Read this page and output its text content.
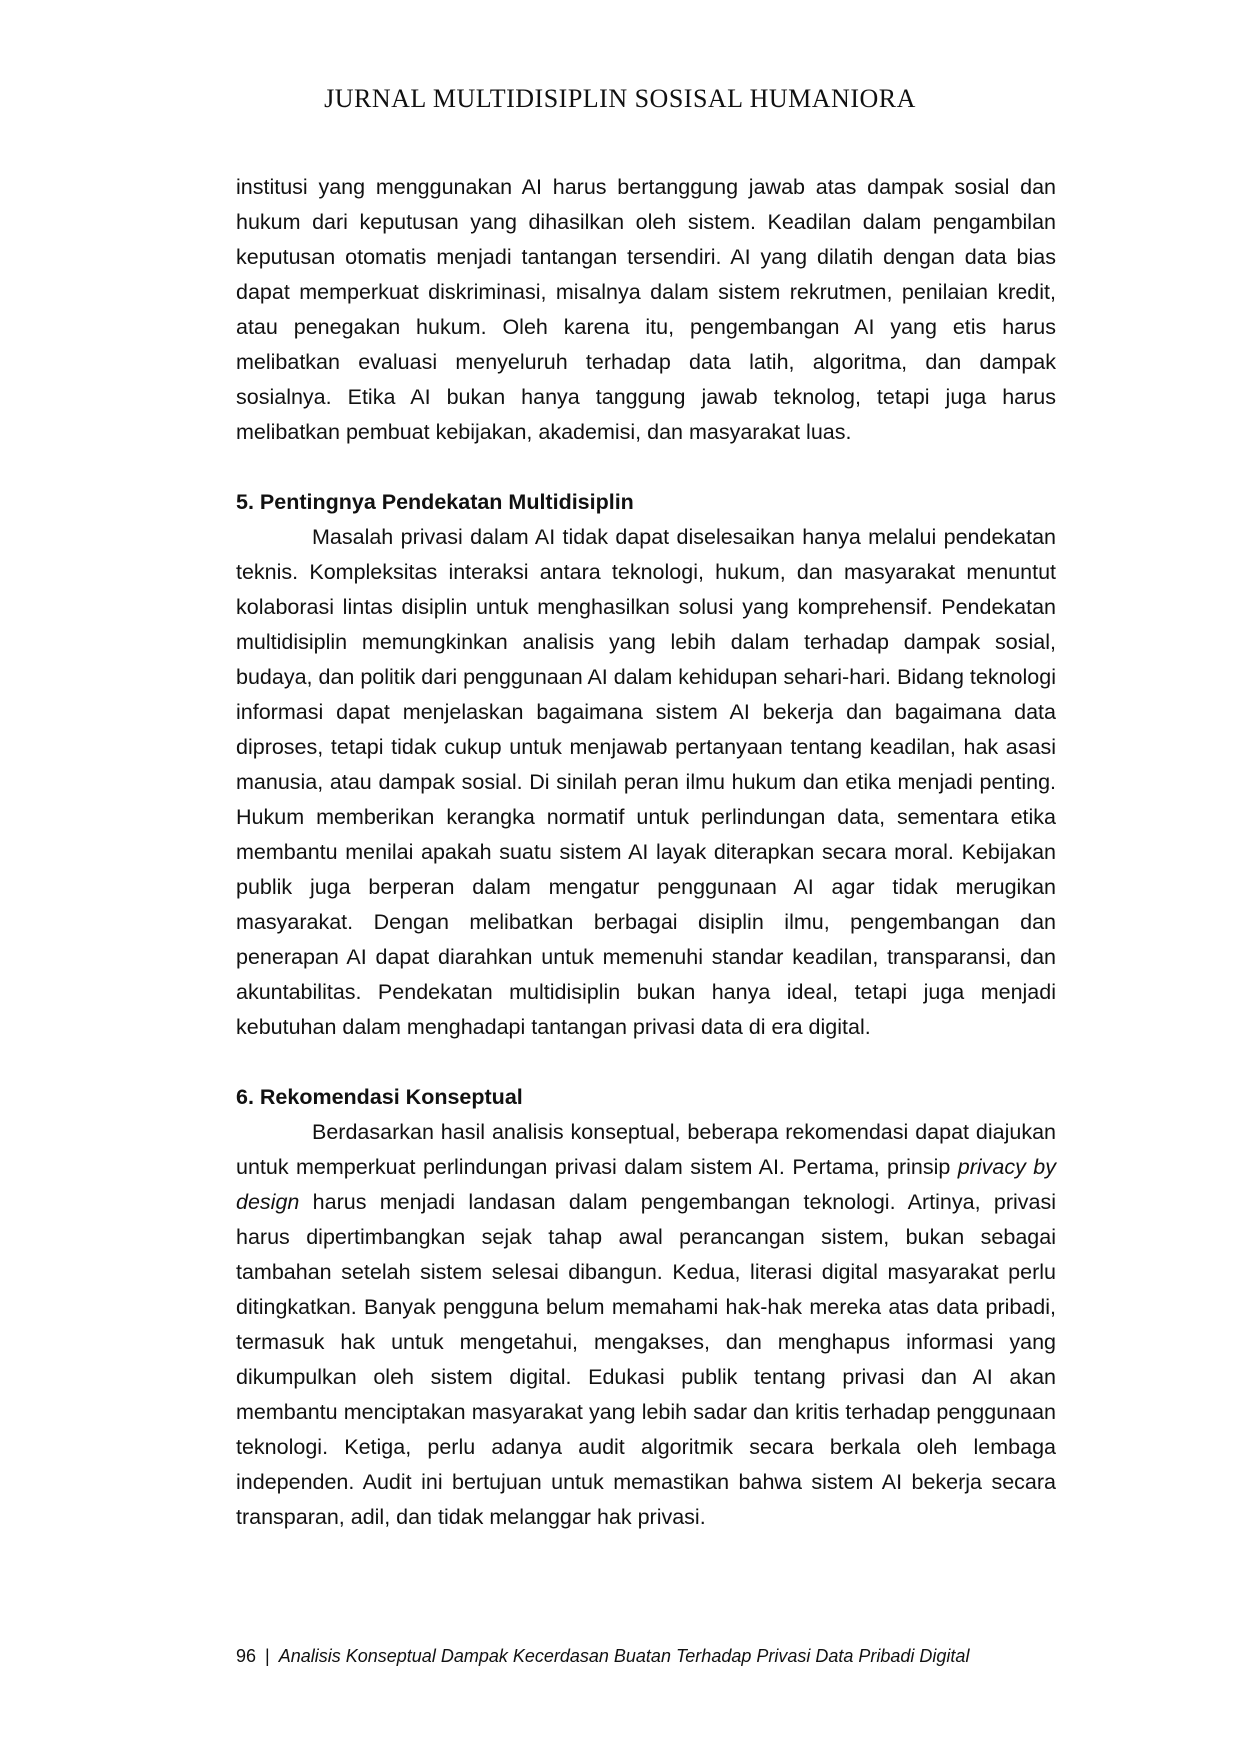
JURNAL MULTIDISIPLIN SOSISAL HUMANIORA

institusi yang menggunakan AI harus bertanggung jawab atas dampak sosial dan hukum dari keputusan yang dihasilkan oleh sistem. Keadilan dalam pengambilan keputusan otomatis menjadi tantangan tersendiri. AI yang dilatih dengan data bias dapat memperkuat diskriminasi, misalnya dalam sistem rekrutmen, penilaian kredit, atau penegakan hukum. Oleh karena itu, pengembangan AI yang etis harus melibatkan evaluasi menyeluruh terhadap data latih, algoritma, dan dampak sosialnya. Etika AI bukan hanya tanggung jawab teknolog, tetapi juga harus melibatkan pembuat kebijakan, akademisi, dan masyarakat luas.

5. Pentingnya Pendekatan Multidisiplin

Masalah privasi dalam AI tidak dapat diselesaikan hanya melalui pendekatan teknis. Kompleksitas interaksi antara teknologi, hukum, dan masyarakat menuntut kolaborasi lintas disiplin untuk menghasilkan solusi yang komprehensif. Pendekatan multidisiplin memungkinkan analisis yang lebih dalam terhadap dampak sosial, budaya, dan politik dari penggunaan AI dalam kehidupan sehari-hari. Bidang teknologi informasi dapat menjelaskan bagaimana sistem AI bekerja dan bagaimana data diproses, tetapi tidak cukup untuk menjawab pertanyaan tentang keadilan, hak asasi manusia, atau dampak sosial. Di sinilah peran ilmu hukum dan etika menjadi penting. Hukum memberikan kerangka normatif untuk perlindungan data, sementara etika membantu menilai apakah suatu sistem AI layak diterapkan secara moral. Kebijakan publik juga berperan dalam mengatur penggunaan AI agar tidak merugikan masyarakat. Dengan melibatkan berbagai disiplin ilmu, pengembangan dan penerapan AI dapat diarahkan untuk memenuhi standar keadilan, transparansi, dan akuntabilitas. Pendekatan multidisiplin bukan hanya ideal, tetapi juga menjadi kebutuhan dalam menghadapi tantangan privasi data di era digital.

6. Rekomendasi Konseptual

Berdasarkan hasil analisis konseptual, beberapa rekomendasi dapat diajukan untuk memperkuat perlindungan privasi dalam sistem AI. Pertama, prinsip privacy by design harus menjadi landasan dalam pengembangan teknologi. Artinya, privasi harus dipertimbangkan sejak tahap awal perancangan sistem, bukan sebagai tambahan setelah sistem selesai dibangun. Kedua, literasi digital masyarakat perlu ditingkatkan. Banyak pengguna belum memahami hak-hak mereka atas data pribadi, termasuk hak untuk mengetahui, mengakses, dan menghapus informasi yang dikumpulkan oleh sistem digital. Edukasi publik tentang privasi dan AI akan membantu menciptakan masyarakat yang lebih sadar dan kritis terhadap penggunaan teknologi. Ketiga, perlu adanya audit algoritmik secara berkala oleh lembaga independen. Audit ini bertujuan untuk memastikan bahwa sistem AI bekerja secara transparan, adil, dan tidak melanggar hak privasi.

96 | Analisis Konseptual Dampak Kecerdasan Buatan Terhadap Privasi Data Pribadi Digital
